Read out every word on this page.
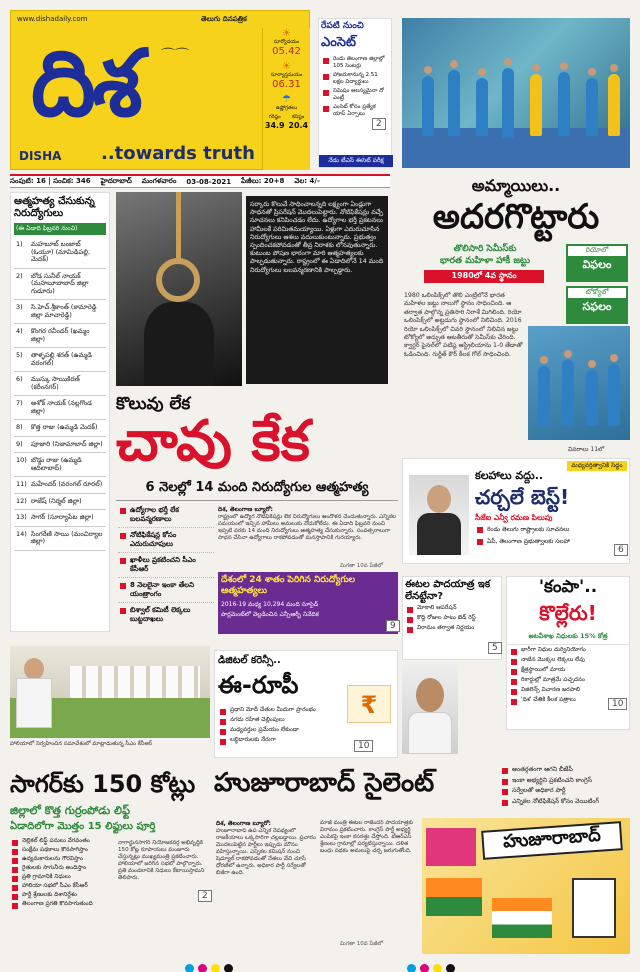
www.dishadaily.com	తెలుగు దినపత్రిక
దిశ ⌒⌒
DISHA ..towards truth
☀
సూర్యోదయం
05.42
☀
సూర్యాస్తమయం
06.31
☂
ఉష్ణోగ్రతలు
గరిష్ఠం కనిష్ఠం
34.9 20.4
సంపుటి: 16 | సంచిక: 346 హైదరాబాద్ మంగళవారం 03-08-2021 పేజీలు: 20+8 వెల: 4/-
రేపటి నుంచి
ఎంసెట్
రెండు తెలంగాణ జిల్లాల్లో 105 సెంటర్లు
హాజరుకానున్న 2.51 లక్షల విద్యార్థులు
నిమిషం ఆలస్యమైనా నో ఎంట్రీ
ఎంసెట్ కోసం ప్రత్యేక యాప్ ఏర్పాటు
నేడు టీఎస్ ఈసెట్ పరీక్ష
2
ఆత్మహత్య చేసుకున్న నిరుద్యోగులు
(ఈ ఏడాది ఫిబ్రవరి నుంచి)
1)	మహబూబ్ బంజాబ్ (ఓయూ) (మామిడిపల్లి, మెదక్)
2)	బోడ సునీల్ నాయక్ (మహబూబాబాద్ జిల్లా గుడూరు)
3)	సి.హెచ్.శ్రీకాంత్ (కామారెడ్డి జిల్లా మాచారెడ్డి)
4)	కొంగర రవీందర్ (ఖమ్మం జిల్లా)
5)	తాళ్ళపల్లి శరత్ (ఉమ్మడి వరంగల్)
6)	ముస్కు సాయికిరణ్ (కరీంనగర్)
7)	అశోక్ నాయక్ (నల్లగొండ జిల్లా)
8)	కొత్త రాజు (ఉమ్మడి మెదక్)
9)	పూజారి (నిజామాబాద్ జిల్లా)
10) బొడ్డు రాజు (ఉమ్మడి ఆదిలాబాద్)
11) మహేందర్ (వరంగల్ రూరల్)
12) రాజేష్ (నిర్మల్ జిల్లా)
13) సాగర్ (సూర్యాపేట జిల్లా)
14) సింగరేణి సాయి (మంచిర్యాల జిల్లా)
సర్కారు కొలువే సాధించాలన్నది లక్ష్యంగా ఏండ్లుగా సాధనతో ప్రిపరేషన్ మొదలుపెట్టారు. నోటిఫికేషన్లు వచ్చే సూచనలు కనిపించడం లేదు. ఉద్యోగాల భర్తీ ప్రకటనలు హామీలకే పరిమితమయ్యాయి. ఏళ్లుగా ఎదురుచూసిన నిరుద్యోగులు ఆశలు వదులుకుంటున్నారు. ప్రభుత్వం స్పందించకపోవడంతో తీవ్ర నిరాశకు లోనవుతున్నారు. కుటుంబ పోషణ భారంగా మారి ఆత్మహత్యలకు పాల్పడుతున్నారు. రాష్ట్రంలో ఈ ఏడాదిలోనే 14 మంది నిరుద్యోగులు బలవన్మరణానికి పాల్పడ్డారు.
కొలువు లేక
చావు కేక
6 నెలల్లో 14 మంది నిరుద్యోగుల ఆత్మహత్య
ఉద్యోగాల భర్తీ లేక బలవన్మరణాలు
నోటిఫికేషన్ల కోసం ఎదురుచూపులు
ఖాళీలు ప్రకటించని సీఎం కేసీఆర్
8 నెలలైనా ఇంకా తేలని యంత్రాంగం
బిశ్వాల్ కమిటీ లెక్కలు బుట్టదాఖలు
దిశ, తెలంగాణ బ్యూరో:
రాష్ట్రంలో ఉద్యోగ నోటిఫికేషన్లు లేక నిరుద్యోగులు ఆందోళన చెందుతున్నారు. ఎన్నికల సమయంలో ఇచ్చిన హామీలు అమలుకు నోచుకోలేదు. ఈ ఏడాది ఫిబ్రవరి నుంచి ఇప్పటి వరకు 14 మంది నిరుద్యోగులు ఆత్మహత్య చేసుకున్నారు. సంవత్సరాలుగా సాధన చేసినా ఉద్యోగాలు రాకపోవడంతో మనస్తాపానికి గురయ్యారు.
మిగతా 10వ పేజీలో
దేశంలో 24 శాతం పెరిగిన నిరుద్యోగుల ఆత్మహత్యలు
2016-19 మధ్య 10,294 మంది సూసైడ్
పార్లమెంట్‌లో వెల్లడించిన ఎన్సీఆర్బీ నివేదిక
9
అమ్మాయిలు..
అదరగొట్టారు
తొలిసారి సెమీస్‌కు
భారత మహిళా హాకీ జట్టు
1980లో 4వ స్థానం
రియోలో
విఫలం
టోక్యోలో
సఫలం
1980 ఒలింపిక్స్‌లో తొలి ఎంట్రీలోనే భారత మహిళల జట్టు నాలుగో స్థానం సాధించింది. ఆ తర్వాత పాల్గొన్న ప్రతిసారి నిరాశే మిగిలింది. రియో ఒలింపిక్స్‌లో అట్టడుగు స్థానంలో నిలిచింది. 2016 రియో ఒలింపిక్స్‌లో చివరి స్థానంలో నిలిచిన జట్టు టోక్యోలో అద్భుత ఆటతీరుతో సెమీస్‌కు చేరింది. క్వార్టర్ ఫైనల్‌లో పటిష్ఠ ఆస్ట్రేలియాను 1-0 తేడాతో ఓడించింది. గుర్జీత్ కౌర్ కీలక గోల్ సాధించింది.
వివరాలు 11లో
మధ్యవర్తిత్వానికి సిద్ధం
కలహాలు వద్దు..
చర్చలే బెస్ట్!
సీజేఐ ఎన్వీ రమణ పిలుపు
రెండు తెలుగు రాష్ట్రాలకు సూచనలు
ఏపీ, తెలంగాణ ప్రభుత్వాలకు సలహా
6
ఈటల పాదయాత్ర ఇక లేనట్టేనా?
మోకాలి ఆపరేషన్
కొద్ది రోజుల పాటు బెడ్ రెస్ట్
విరామం తర్వాత నిర్ణయం
5
'కంపా'..
కొల్లేరు!
అటవీశాఖ నిధులకు 15% కోత్ర
భారీగా నిధుల దుర్వినియోగం
నాటిన మొక్కల లెక్కలు లేవు
క్షేత్రస్థాయిలో మాయ
రికార్డుల్లో మాత్రమే పచ్చదనం
విజిలెన్స్ విచారణ జరపాలి
'దిశ' చేతికి కీలక పత్రాలు	10
హాలియాలో నిర్వహించిన సమావేశంలో మాట్లాడుతున్న సీఎం కేసీఆర్
డిజిటల్ కరెన్సీ..
ఈ-రూపీ
ప్రధాని మోదీ చేతుల మీదుగా ప్రారంభం
నగదు రహిత చెల్లింపులు
మధ్యవర్తుల ప్రమేయం లేకుండా
లబ్ధిదారులకు నేరుగా
₹
10
సాగర్‌కు 150 కోట్లు
జిల్లాలో కొత్త గుర్రంపోడు లిఫ్ట్
ఏడాదిలోగా మొత్తం 15 లిఫ్టులు పూర్తి
నెల్లికల్ లిఫ్ట్ పనులు వేగవంతం
సంక్షేమ పథకాలు కొనసాగిస్తాం
ఉద్యమకారులను గౌరవిస్తాం
రైతులకు సాగునీరు అందిస్తాం
ప్రతి గ్రామానికి నిధులు
హాలియా సభలో సీఎం కేసీఆర్
పార్టీ శ్రేణులకు దిశానిర్దేశం
తెలంగాణ ప్రగతి కొనసాగుతుంది
నాగార్జునసాగర్ నియోజకవర్గ అభివృద్ధికి 150 కోట్ల రూపాయలు మంజూరు చేస్తున్నట్లు ముఖ్యమంత్రి ప్రకటించారు. హాలియాలో జరిగిన సభలో పాల్గొన్నారు. ప్రతి మండలానికి నిధులు కేటాయిస్తామని తెలిపారు.
2
హుజూరాబాద్ సైలెంట్	అంతర్గతంగా ఆగని బీజేపీ
ఇంకా అభ్యర్థిని ప్రకటించని కాంగ్రెస్
సర్వేలతో అధికార పార్టీ
ఎన్నికల నోటిఫికేషన్ కోసం వెయిటింగ్
దిశ, తెలంగాణ బ్యూరో:
హుజూరాబాద్ ఉప ఎన్నిక నేపథ్యంలో రాజకీయాలు ఒక్కసారిగా చల్లబడ్డాయి. ప్రచారం మొదలుపెట్టిన పార్టీలు ఇప్పుడు మౌనం వహిస్తున్నాయి. ఎన్నికల కమిషన్ నుంచి షెడ్యూల్ రాకపోవడంతో నేతలు వేచి చూసే ధోరణిలో ఉన్నారు. అధికార పార్టీ సర్వేలతో బిజీగా ఉంది.
మాజీ మంత్రి ఈటల రాజేందర్ పాదయాత్రకు విరామం ప్రకటించారు. కాంగ్రెస్ పార్టీ అభ్యర్థి ఎంపికపై ఇంకా కసరత్తు చేస్తోంది. టీఆర్ఎస్ శ్రేణులు గ్రామాల్లో పర్యటిస్తున్నాయి. దళిత బంధు పథకం అమలుపై చర్చ జరుగుతోంది.
మిగతా 10వ పేజీలో
హుజూరాబాద్
